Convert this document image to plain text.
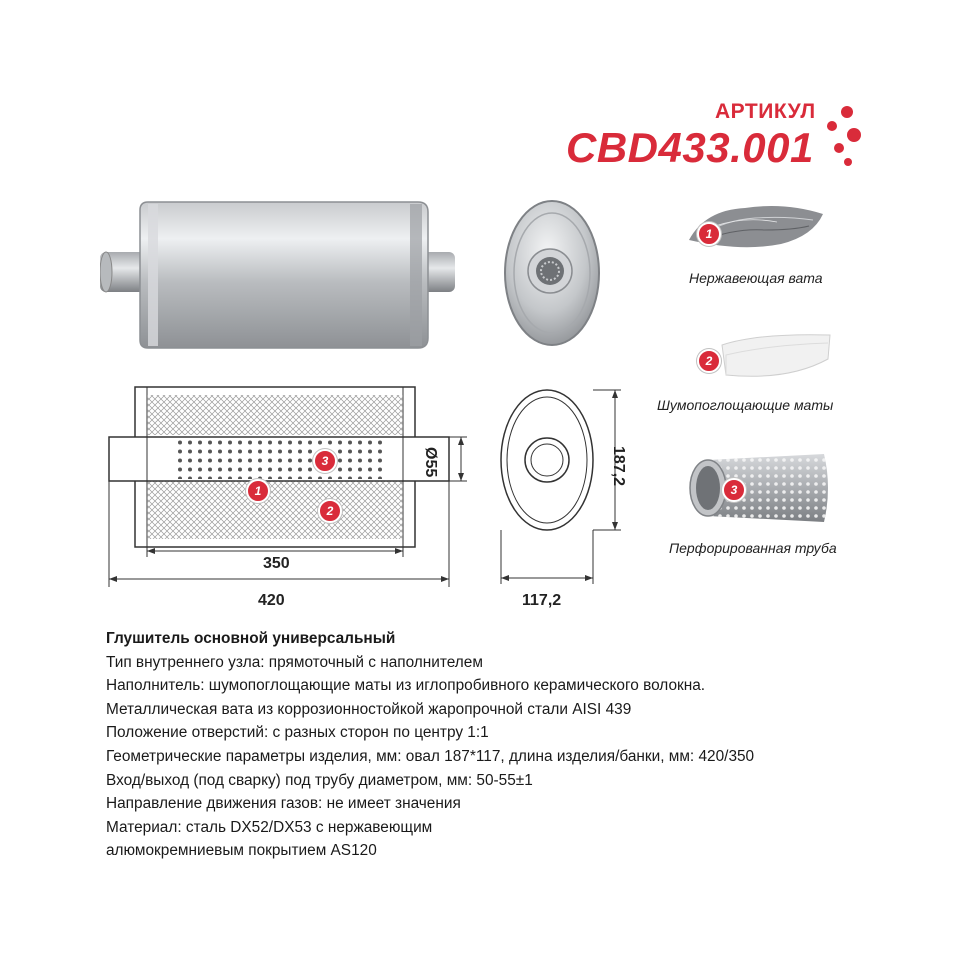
АРТИКУЛ
CBD433.001
Ø55
350
420
1
2
3	187,2
117,2
1
Нержавеющая вата
2
Шумопоглощающие маты
3
Перфорированная труба
Глушитель основной универсальный
Тип внутреннего узла: прямоточный с наполнителем
Наполнитель: шумопоглощающие маты из иглопробивного керамического волокна.
Металлическая вата из коррозионностойкой жаропрочной стали AISI 439
Положение отверстий: с разных сторон по центру 1:1
Геометрические параметры изделия, мм: овал 187*117, длина изделия/банки, мм: 420/350
Вход/выход (под сварку) под трубу диаметром, мм: 50-55±1
Направление движения газов: не имеет значения
Материал: сталь DX52/DX53 с нержавеющим
алюмокремниевым покрытием AS120
